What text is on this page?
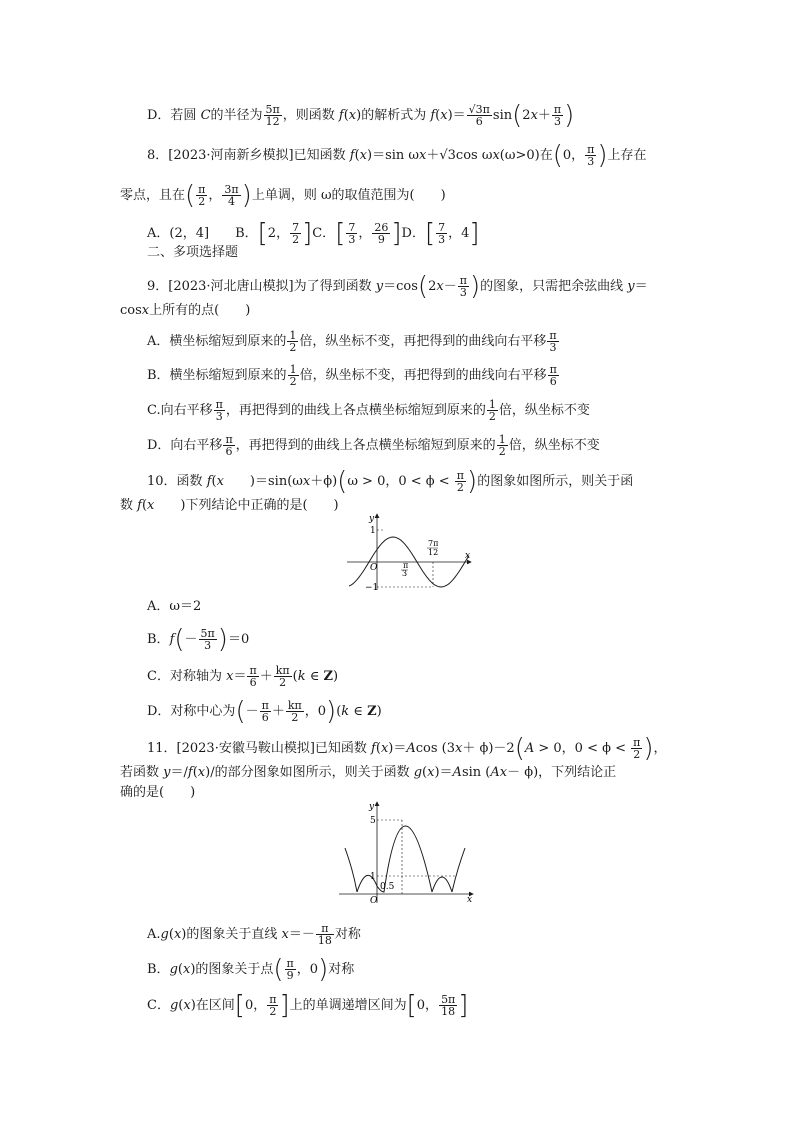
D．若圆 C的半径为 $\frac{5\pi}{12}$ ，则函数 f(x)的解析式为 $f(x)= \frac{√3\pi}{6} \sin(2x+ \frac{\pi}{3}$ )
8．[2023·河南新乡模拟]已知函数 f(x)＝sin ωx＋√3cos ωx(ω>0)在(0， $\frac{\pi}{3}$ )上存在
零点，且在( $\frac{\pi}{2}$ ， $\frac{3\pi}{4}$ )上单调，则 ω的取值范围为(　　)
A．(2，4]　　B．[2， $\frac{7}{2} ]C$．[ $\frac{7}{3}$ ， $\frac{26}{9} ]D$．[ $\frac{7}{3}$ ，4]
二、多项选择题
9．[2023·河北唐山模拟]为了得到函数 $y=\cos(2x- \frac{\pi}{3}$ )的图象，只需把余弦曲线 y＝
cosx上所有的点(　　)
A．横坐标缩短到原来的 $\frac{1}{2}$ 倍，纵坐标不变，再把得到的曲线向右平移 $\frac{\pi}{3}$
B．横坐标缩短到原来的 $\frac{1}{2}$ 倍，纵坐标不变，再把得到的曲线向右平移 $\frac{\pi}{6}$
C.向右平移 $\frac{\pi}{3}$ ，再把得到的曲线上各点横坐标缩短到原来的 $\frac{1}{2}$ 倍，纵坐标不变
D．向右平移 $\frac{\pi}{6}$ ，再把得到的曲线上各点横坐标缩短到原来的 $\frac{1}{2}$ 倍，纵坐标不变
10．函数 f(x　　)＝sin(ωx＋ϕ)(ω > 0，$0 < \phi < \frac{\pi}{2}$ )的图象如图所示，则关于函
数 f(x　　)下列结论中正确的是(　　)
y
x
O
1
−1
π 3
7π 12
A．ω＝2
B．$f(- \frac{5\pi}{3} )=0$
C．对称轴为 $x= \frac{\pi}{6} + \frac{k\pi}{2} (k$ ∈ Z)
D．对称中心为(－ $\frac{\pi}{6} + \frac{k\pi}{2}$ ，0)(k ∈ Z)
11．[2023·安徽马鞍山模拟]已知函数 f(x)＝Acos (3x＋ ϕ)－2(A > 0，$0 < \phi < \frac{\pi}{2}$ )，
若函数 y＝/f(x)/的部分图象如图所示，则关于函数 g(x)＝Asin (Ax－ ϕ)，下列结论正
确的是(　　)
y
x
O
5
1
0.5
A.g(x)的图象关于直线 $x=- \frac{\pi}{18}$ 对称
B．g(x)的图象关于点( $\frac{\pi}{9}$ ，0)对称
C．g(x)在区间[0， $\frac{\pi}{2}$ ]上的单调递增区间为[0， $\frac{5\pi}{18}$ ]
